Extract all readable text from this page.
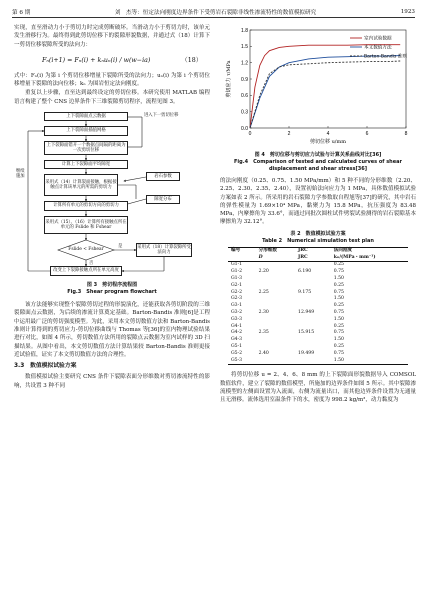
第 6 期	刘　杰等：恒定法向刚度边界条件下受剪岩石裂隙非线性渗流特性的数值模拟研究	1923

实现，直至滑动力小于剪切力时完成剪断破坏。当滑动力小于剪切力时，该单元发生滑移行为。最终得到此剪切位移下的裂隙形貌数据，并通过式（18）计算下一剪切位移裂隙所受的法向力：

Fₙ(i+1) = Fₙ(i) + kₙuₙ(i) / w(w−ia)	（18）

式中：Fₙ(i) 为第 i 个剪切位移增量下裂隙所受的法向力；uₙ(i) 为第 i 个剪切位移增量下裂隙的法向位移；kₙ 为围岩恒定法向刚度。

重复以上步骤，直至达到最终设定的剪切位移。本研究使用 MATLAB 编程语言构建了整个 CNS 边界条件下三维裂隙剪切程序，流程见图 3。

上下裂隙面点云数据
上下裂隙面插值网格
上下裂隙面错开一个数据点间隔的距离为一次剪切位移
计算上下裂隙面平均隙宽
采用式（14）计算裂面接触，根据接触点计算该单元的所需的剪切力
岩石参数
隙宽分布
计算所有单元的剪切方向的剪切力
采用式（15）、（16）计算所有接触点所在单元的 Fslide 和 Fshear
Fslide < Fshear
采用式（18）计算裂隙所受法向力
改变上下裂隙接触点所在单元高度
继续施加
是
否
进入下一剪切位移
图 3　剪切程序流程图
Fig.3　Shear program flowchart

该方法能够实现整个裂隙剪切过程的形貌演化，还能获取各剪切阶段的三维裂隙面点云数据，为后续的渗流计算奠定基础。Barton-Bandis 准则[6]是工程中运用最广泛的剪切强度模型。为此，采用本文剪切数值方法和 Barton-Bandis 准则计算得到的剪切应力-剪切位移曲线与 Thomas 等[36]的室内物理试验结果进行对比，如图 4 所示，剪切数值方法所用的裂隙点云数据为室内试样的 3D 扫描结果。从图中看出，本文剪切数值方法计算结果较 Barton-Bandis 准则更接近试验值，证实了本文剪切数值方法的合理性。

3.3　数值模拟试验方案

数值模拟试验主要研究 CNS 条件下裂隙表面分形维数对剪切渗流特性的影响，共设置 3 种不同

0	2	4	6	8
0.0
0.3
0.6
0.9
1.2
1.5
1.8
剪切位移 u/mm
剪切应力 τ/MPa
室内试验数据
本文数值方法
Barton-Bandis 准则
图 4　剪切位移与剪切应力试验与计算关系曲线对比[36]
Fig.4　Comparison of tested and calculated curves of shear displacement and shear stress[36]

的法向刚度（0.25、0.75、1.50 MPa/mm）和 5 种不同的分形维数（2.20、2.25、2.30、2.35、2.40），设置初始法向应力为 1 MPa，具体数值模拟试验方案如表 2 所示。所采用的岩石裂隙力学参数取自程旭等[37]的研究，其中岩石的弹性模量为 1.69×10⁴ MPa，黏聚力为 15.8 MPa，抗压强度为 83.48 MPa，内摩擦角为 33.6°，而通过同批次圆柱试件劈裂试验测得的岩石裂隙基本摩擦角为 32.12°。

表 2　数值模拟试验方案
Table 2　Numerical simulation test plan
编号	分形维数	JRC	法向刚度
	D	JRC	kₙ/(MPa・mm⁻¹)
G1-1			0.25
G1-2	2.20	6.190	0.75
G1-3			1.50
G2-1			0.25
G2-2	2.25	9.175	0.75
G2-3			1.50
G3-1			0.25
G3-2	2.30	12.949	0.75
G3-3			1.50
G4-1			0.25
G4-2	2.35	15.915	0.75
G4-3			1.50
G5-1			0.25
G5-2	2.40	19.499	0.75
G5-3			1.50

将剪切位移 u = 2、4、6、8 mm 的上下裂隙面形貌数据导入 COMSOL 数值软件，建立了裂隙的数值模型，所施加的边界条件如图 5 所示。其中裂隙渗流模型的左侧面设置为入流面，右侧为流量出口，而其他边界条件设置为无通量且无滑移。流体选用室温条件下的水，密度为 998.2 kg/m³，动力黏度为
